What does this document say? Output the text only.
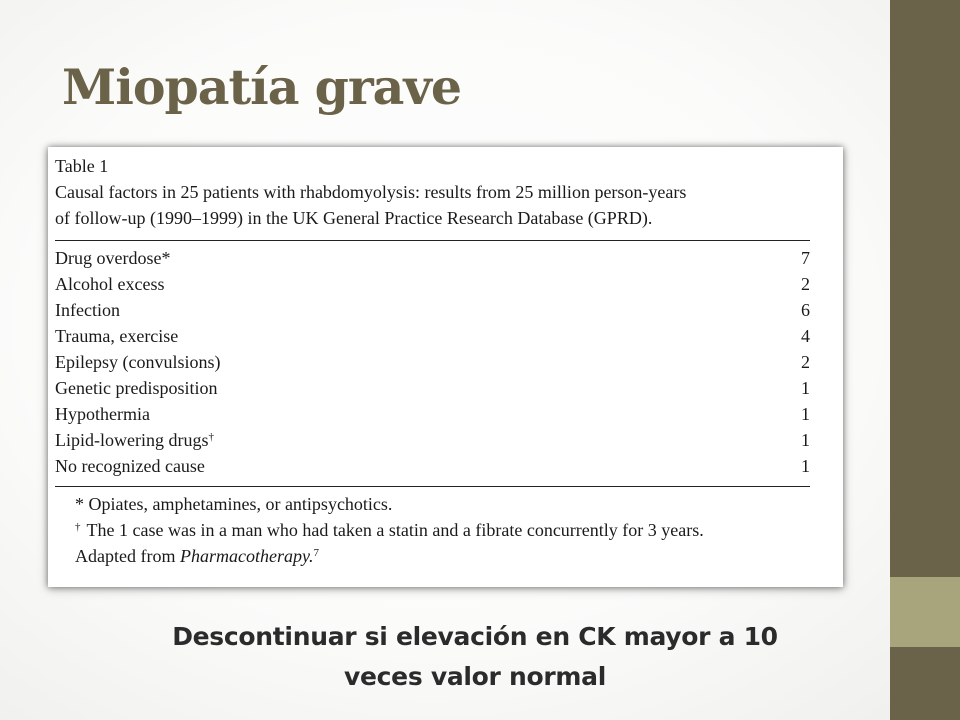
Miopatía grave
Table 1
Causal factors in 25 patients with rhabdomyolysis: results from 25 million person-years
of follow-up (1990–1999) in the UK General Practice Research Database (GPRD).
Drug overdose*	7
Alcohol excess	2
Infection	6
Trauma, exercise	4
Epilepsy (convulsions)	2
Genetic predisposition	1
Hypothermia	1
Lipid-lowering drugs†	1
No recognized cause	1
* Opiates, amphetamines, or antipsychotics.
† The 1 case was in a man who had taken a statin and a fibrate concurrently for 3 years.
Adapted from Pharmacotherapy.$^7$
Descontinuar si elevación en CK mayor a 10
veces valor normal
